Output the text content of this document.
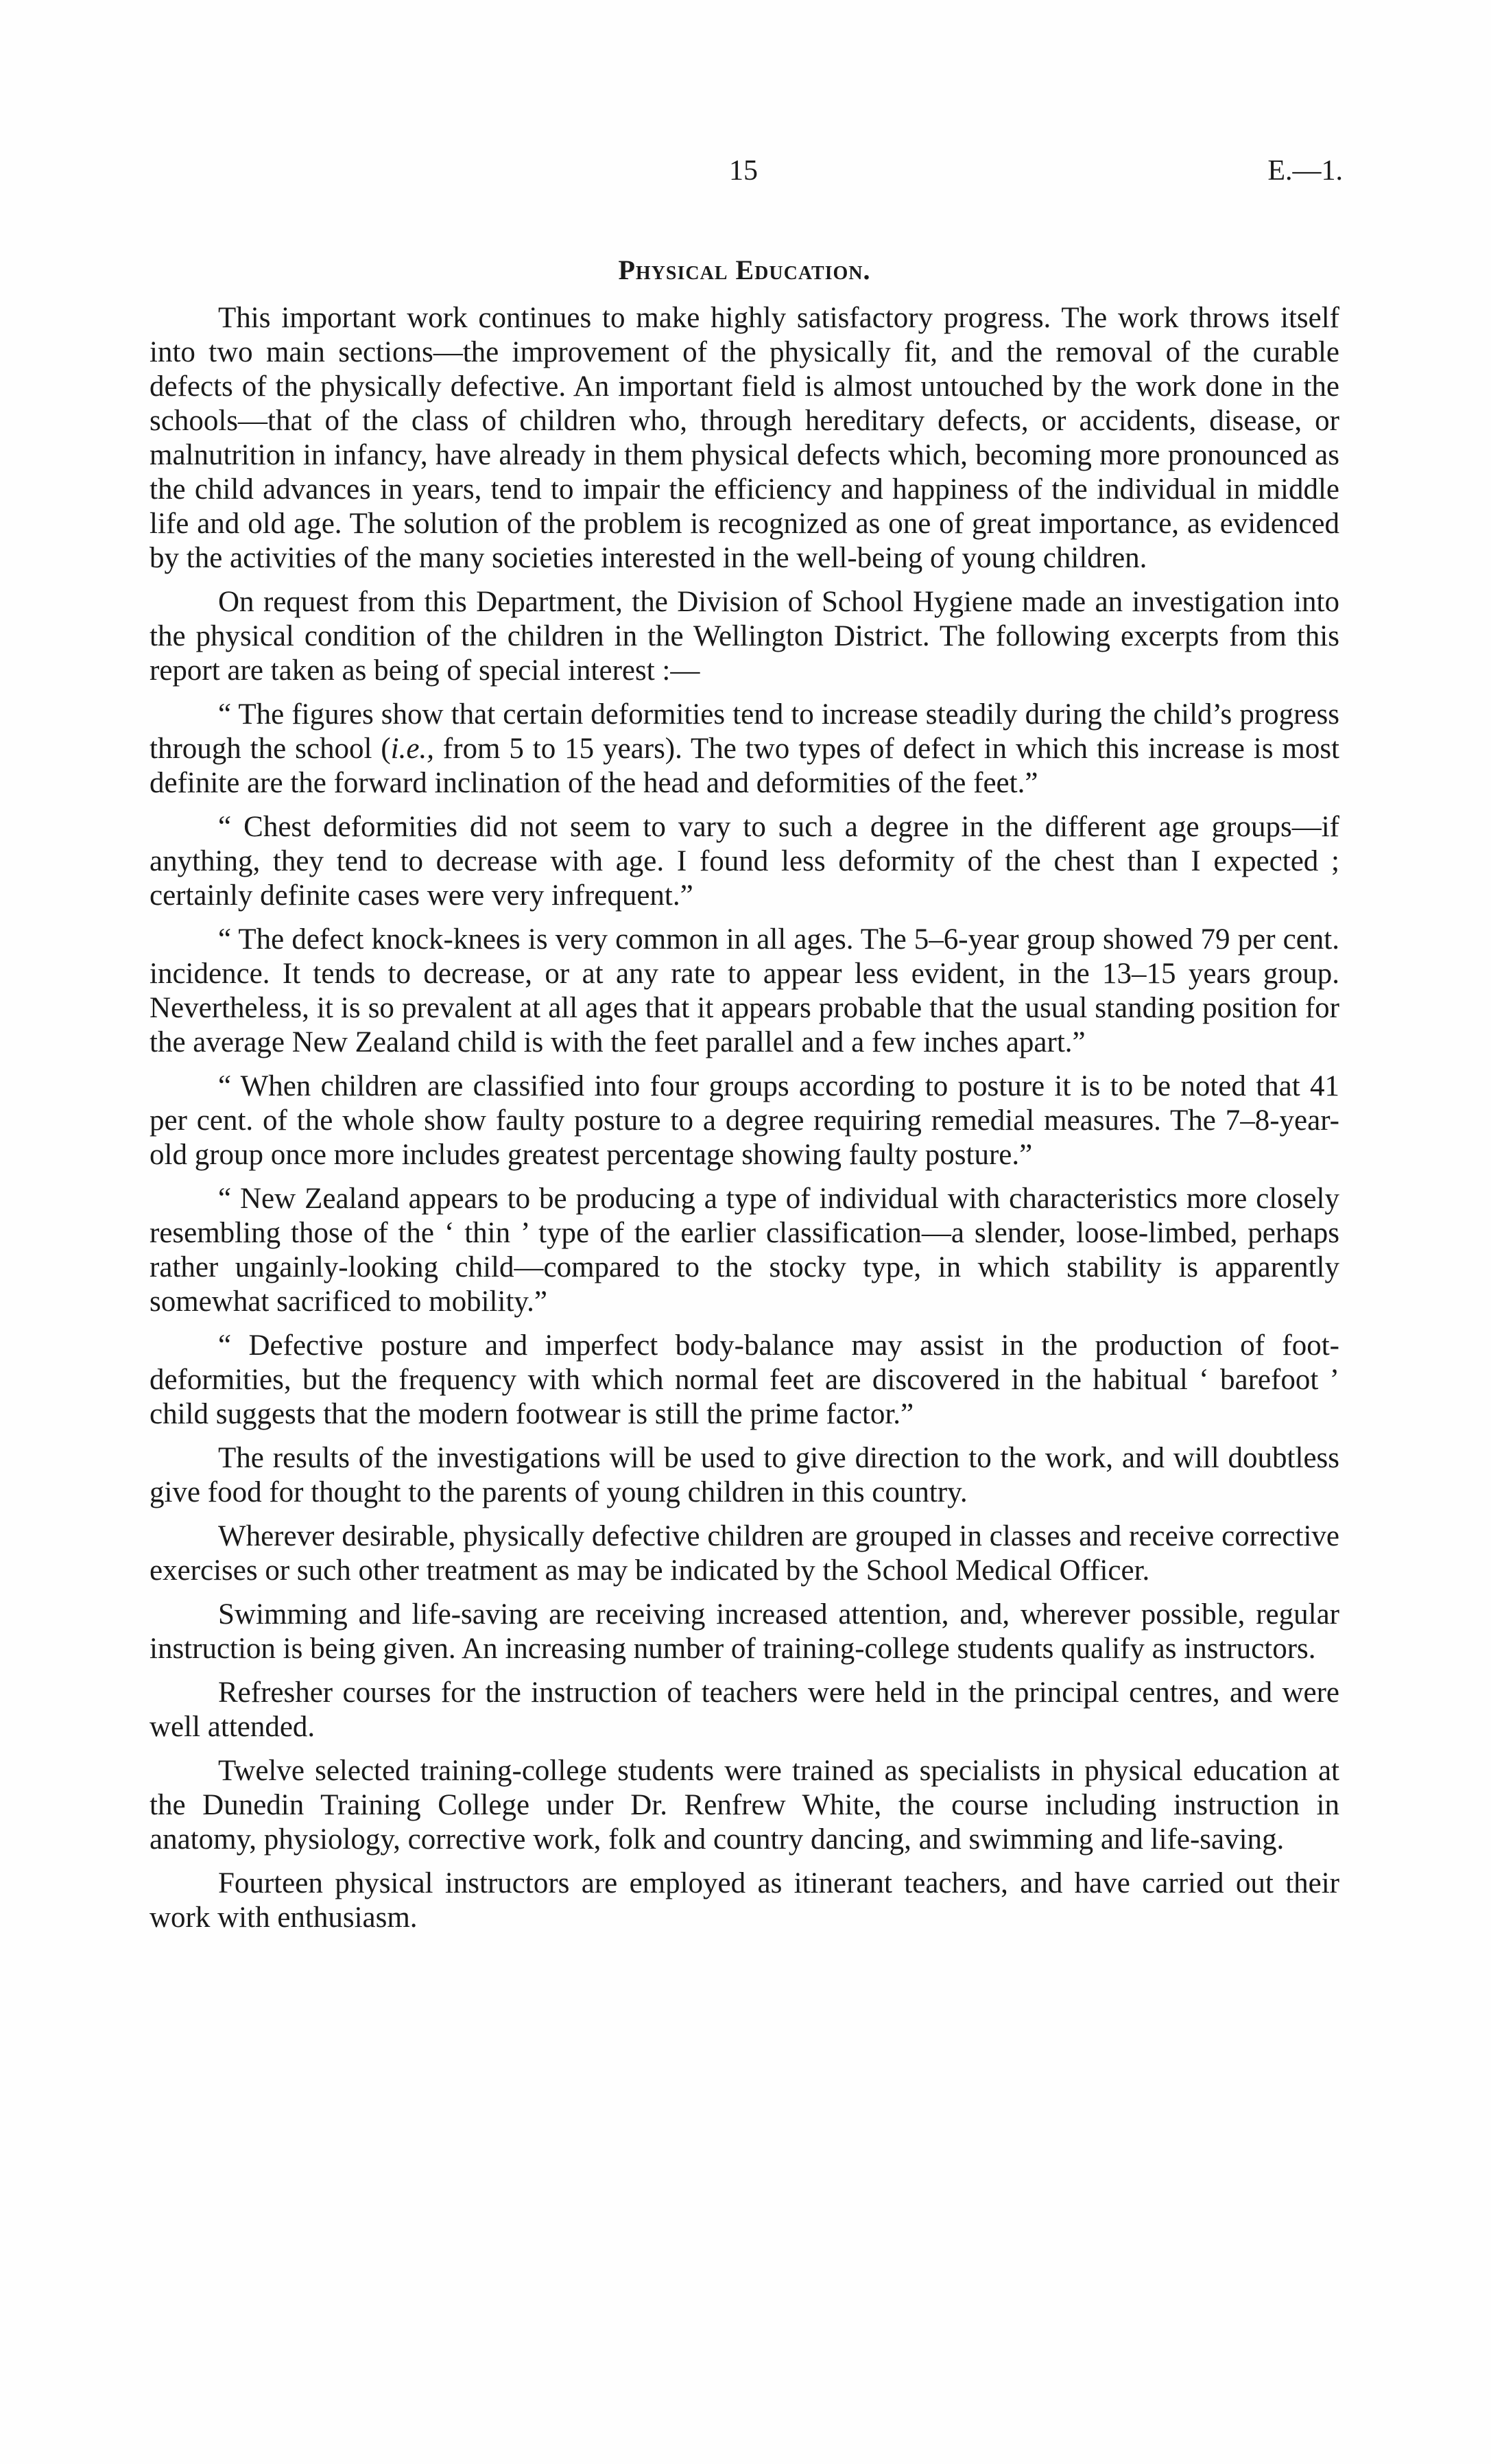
15	E.—1.
Physical Education.

This important work continues to make highly satisfactory progress. The work throws itself into two main sections—the improvement of the physically fit, and the removal of the curable defects of the physically defective. An important field is almost untouched by the work done in the schools—that of the class of children who, through hereditary defects, or accidents, disease, or malnutrition in infancy, have already in them physical defects which, becoming more pronounced as the child advances in years, tend to impair the efficiency and happiness of the individual in middle life and old age. The solution of the problem is recognized as one of great importance, as evidenced by the activities of the many societies interested in the well-being of young children.

On request from this Department, the Division of School Hygiene made an investigation into the physical condition of the children in the Wellington District. The following excerpts from this report are taken as being of special interest :—

“ The figures show that certain deformities tend to increase steadily during the child’s progress through the school (i.e., from 5 to 15 years). The two types of defect in which this increase is most definite are the forward inclination of the head and deformities of the feet.”

“ Chest deformities did not seem to vary to such a degree in the different age groups—if anything, they tend to decrease with age. I found less deformity of the chest than I expected ; certainly definite cases were very infrequent.”

“ The defect knock-knees is very common in all ages. The 5–6-year group showed 79 per cent. incidence. It tends to decrease, or at any rate to appear less evident, in the 13–15 years group. Nevertheless, it is so prevalent at all ages that it appears probable that the usual standing position for the average New Zealand child is with the feet parallel and a few inches apart.”

“ When children are classified into four groups according to posture it is to be noted that 41 per cent. of the whole show faulty posture to a degree requiring remedial measures. The 7–8-year-old group once more includes greatest percentage showing faulty posture.”

“ New Zealand appears to be producing a type of individual with characteristics more closely resembling those of the ‘ thin ’ type of the earlier classification—a slender, loose-limbed, perhaps rather ungainly-looking child—compared to the stocky type, in which stability is apparently somewhat sacrificed to mobility.”

“ Defective posture and imperfect body-balance may assist in the production of foot-deformities, but the frequency with which normal feet are discovered in the habitual ‘ barefoot ’ child suggests that the modern footwear is still the prime factor.”

The results of the investigations will be used to give direction to the work, and will doubtless give food for thought to the parents of young children in this country.

Wherever desirable, physically defective children are grouped in classes and receive corrective exercises or such other treatment as may be indicated by the School Medical Officer.

Swimming and life-saving are receiving increased attention, and, wherever possible, regular instruction is being given. An increasing number of training-college students qualify as instructors.

Refresher courses for the instruction of teachers were held in the principal centres, and were well attended.

Twelve selected training-college students were trained as specialists in physical education at the Dunedin Training College under Dr. Renfrew White, the course including instruction in anatomy, physiology, corrective work, folk and country dancing, and swimming and life-saving.

Fourteen physical instructors are employed as itinerant teachers, and have carried out their work with enthusiasm.
